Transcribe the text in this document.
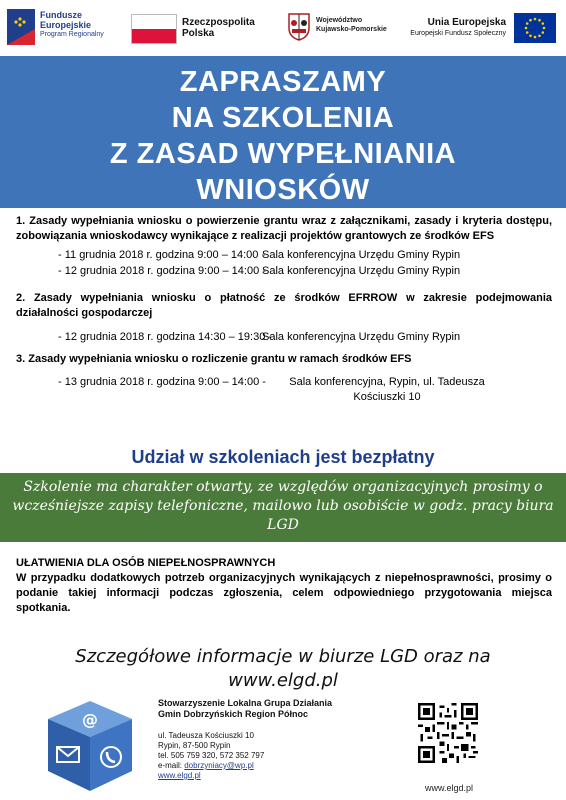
Fundusze
Europejskie
Program Regionalny
Rzeczpospolita
Polska
Województwo
Kujawsko-Pomorskie
Unia Europejska
Europejski Fundusz Społeczny
ZAPRASZAMY
NA SZKOLENIA
Z ZASAD WYPEŁNIANIA
WNIOSKÓW
1. Zasady wypełniania wniosku o powierzenie grantu wraz z załącznikami, zasady i kryteria dostępu, zobowiązania wnioskodawcy wynikające z realizacji projektów grantowych ze środków EFS
- 11 grudnia 2018 r. godzina 9:00 – 14:00 -
Sala konferencyjna Urzędu Gminy Rypin
- 12 grudnia 2018 r. godzina 9:00 – 14:00 -
Sala konferencyjna Urzędu Gminy Rypin
2. Zasady wypełniania wniosku o płatność ze środków EFRROW w zakresie podejmowania działalności gospodarczej
- 12 grudnia 2018 r. godzina 14:30 – 19:30 -
Sala konferencyjna Urzędu Gminy Rypin
3. Zasady wypełniania wniosku o rozliczenie grantu w ramach środków EFS
- 13 grudnia 2018 r. godzina 9:00 – 14:00 -	Sala konferencyjna, Rypin, ul. Tadeusza Kościuszki 10
Udział w szkoleniach jest bezpłatny
Szkolenie ma charakter otwarty, ze względów organizacyjnych prosimy o wcześniejsze zapisy telefoniczne, mailowo lub osobiście w godz. pracy biura LGD
UŁATWIENIA DLA OSÓB NIEPEŁNOSPRAWNYCH
W przypadku dodatkowych potrzeb organizacyjnych wynikających z niepełnosprawności, prosimy o podanie takiej informacji podczas zgłoszenia, celem odpowiedniego przygotowania miejsca spotkania.
Szczegółowe informacje w biurze LGD oraz na
www.elgd.pl
@
Stowarzyszenie Lokalna Grupa Działania
Gmin Dobrzyńskich Region Północ
ul. Tadeusza Kościuszki 10
Rypin, 87-500 Rypin
tel. 505 759 320, 572 352 797
e-mail: dobrzyniacy@wp.pl
www.elgd.pl
www.elgd.pl
